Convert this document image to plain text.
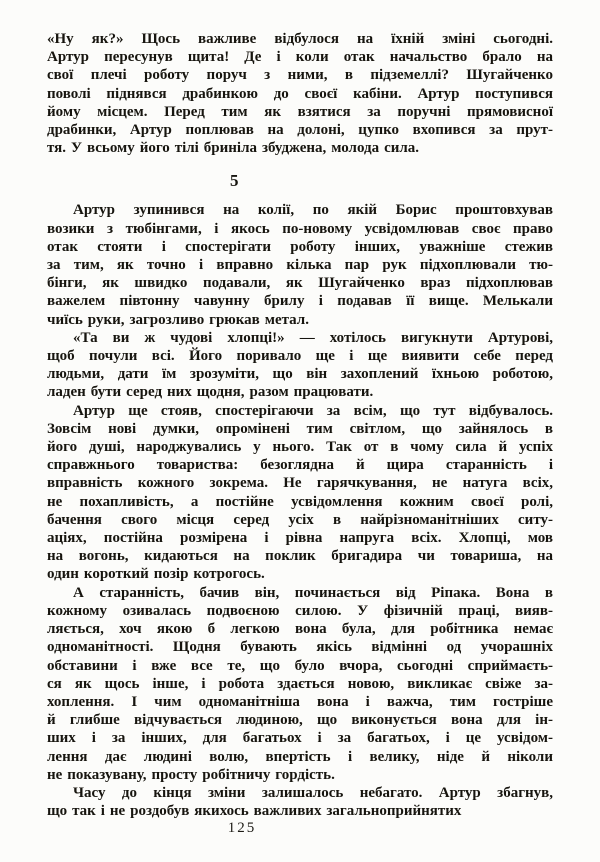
«Ну як?» Щось важливе відбулося на їхній зміні сьогодні.
Артур пересунув щита! Де і коли отак начальство брало на
свої плечі роботу поруч з ними, в підземеллі? Шугайченко
поволі піднявся драбинкою до своєї кабіни. Артур поступився
йому місцем. Перед тим як взятися за поручні прямовисної
драбинки, Артур поплював на долоні, цупко вхопився за прут-
тя. У всьому його тілі бриніла збуджена, молода сила.

5

Артур зупинився на колії, по якій Борис проштовхував
возики з тюбінгами, і якось по-новому усвідомлював своє право
отак стояти і спостерігати роботу інших, уважніше стежив
за тим, як точно і вправно кілька пар рук підхоплювали тю-
бінги, як швидко подавали, як Шугайченко враз підхоплював
важелем півтонну чавунну брилу і подавав її вище. Мелькали
чиїсь руки, загрозливо грюкав метал.

«Та ви ж чудові хлопці!» — хотілось вигукнути Артурові,
щоб почули всі. Його поривало ще і ще виявити себе перед
людьми, дати їм зрозуміти, що він захоплений їхньою роботою,
ладен бути серед них щодня, разом працювати.

Артур ще стояв, спостерігаючи за всім, що тут відбувалось.
Зовсім нові думки, опромінені тим світлом, що зайнялось в
його душі, народжувались у нього. Так от в чому сила й успіх
справжнього товариства: безоглядна й щира старанність і
вправність кожного зокрема. Не гарячкування, не натуга всіх,
не похапливість, а постійне усвідомлення кожним своєї ролі,
бачення свого місця серед усіх в найрізноманітніших ситу-
аціях, постійна розмірена і рівна напруга всіх. Хлопці, мов
на вогонь, кидаються на поклик бригадира чи товариша, на
один короткий позір котрогось.

А старанність, бачив він, починається від Ріпака. Вона в
кожному озивалась подвоєною силою. У фізичній праці, вияв-
ляється, хоч якою б легкою вона була, для робітника немає
одноманітності. Щодня бувають якісь відмінні од учорашніх
обставини і вже все те, що було вчора, сьогодні сприймаєть-
ся як щось інше, і робота здається новою, викликає свіже за-
хоплення. І чим одноманітніша вона і важча, тим гостріше
й глибше відчувається людиною, що виконується вона для ін-
ших і за інших, для багатьох і за багатьох, і це усвідом-
лення дає людині волю, впертість і велику, ніде й ніколи
не показувану, просту робітничу гордість.

Часу до кінця зміни залишалось небагато. Артур збагнув,
що так і не роздобув якихось важливих загальноприйнятих

125
